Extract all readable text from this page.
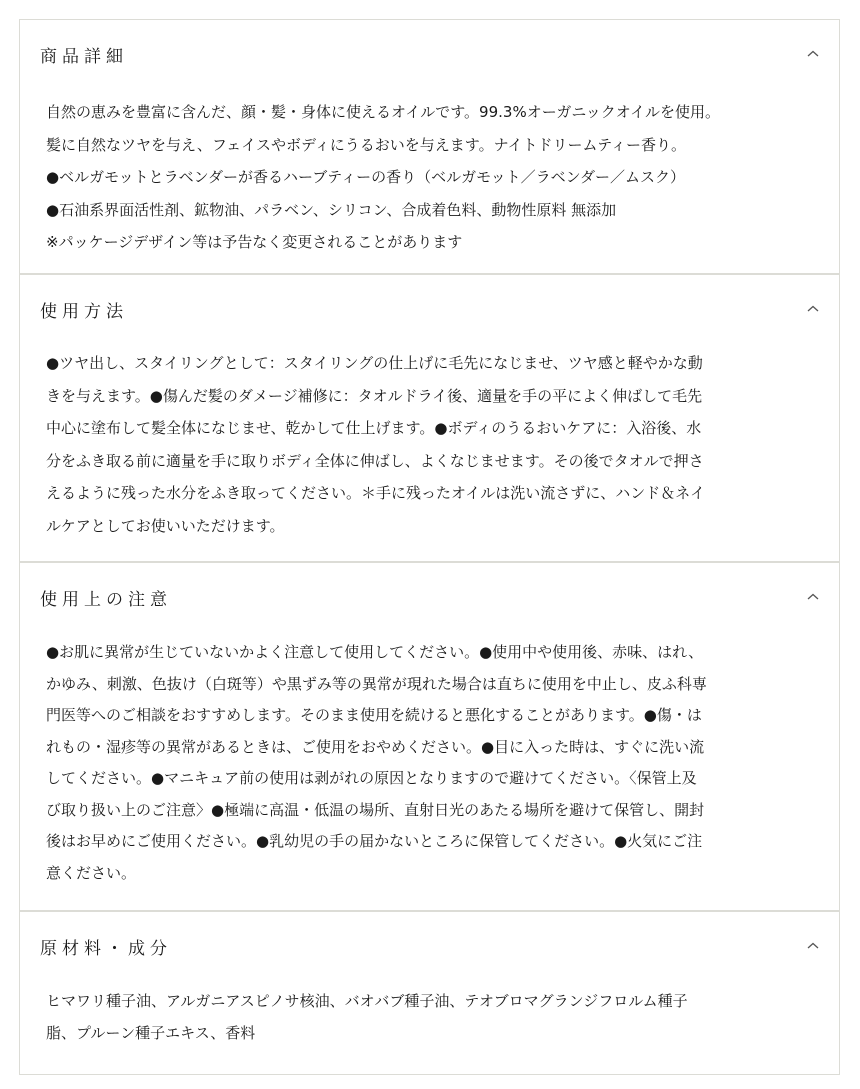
商品詳細
自然の恵みを豊富に含んだ、顔・髪・身体に使えるオイルです。99.3%オーガニックオイルを使用。
髪に自然なツヤを与え、フェイスやボディにうるおいを与えます。ナイトドリームティー香り。
●ベルガモットとラベンダーが香るハーブティーの香り（ベルガモット／ラベンダー／ムスク）
●石油系界面活性剤、鉱物油、パラベン、シリコン、合成着色料、動物性原料 無添加
※パッケージデザイン等は予告なく変更されることがあります
使用方法
●ツヤ出し、スタイリングとして：スタイリングの仕上げに毛先になじませ、ツヤ感と軽やかな動
きを与えます。●傷んだ髪のダメージ補修に：タオルドライ後、適量を手の平によく伸ばして毛先
中心に塗布して髪全体になじませ、乾かして仕上げます。●ボディのうるおいケアに：入浴後、水
分をふき取る前に適量を手に取りボディ全体に伸ばし、よくなじませます。その後でタオルで押さ
えるように残った水分をふき取ってください。＊手に残ったオイルは洗い流さずに、ハンド＆ネイ
ルケアとしてお使いいただけます。
使用上の注意
●お肌に異常が生じていないかよく注意して使用してください。●使用中や使用後、赤味、はれ、
かゆみ、刺激、色抜け（白斑等）や黒ずみ等の異常が現れた場合は直ちに使用を中止し、皮ふ科専
門医等へのご相談をおすすめします。そのまま使用を続けると悪化することがあります。●傷・は
れもの・湿疹等の異常があるときは、ご使用をおやめください。●目に入った時は、すぐに洗い流
してください。●マニキュア前の使用は剥がれの原因となりますので避けてください。〈保管上及
び取り扱い上のご注意〉●極端に高温・低温の場所、直射日光のあたる場所を避けて保管し、開封
後はお早めにご使用ください。●乳幼児の手の届かないところに保管してください。●火気にご注
意ください。
原材料・成分
ヒマワリ種子油、アルガニアスピノサ核油、バオバブ種子油、テオブロマグランジフロルム種子
脂、プルーン種子エキス、香料
